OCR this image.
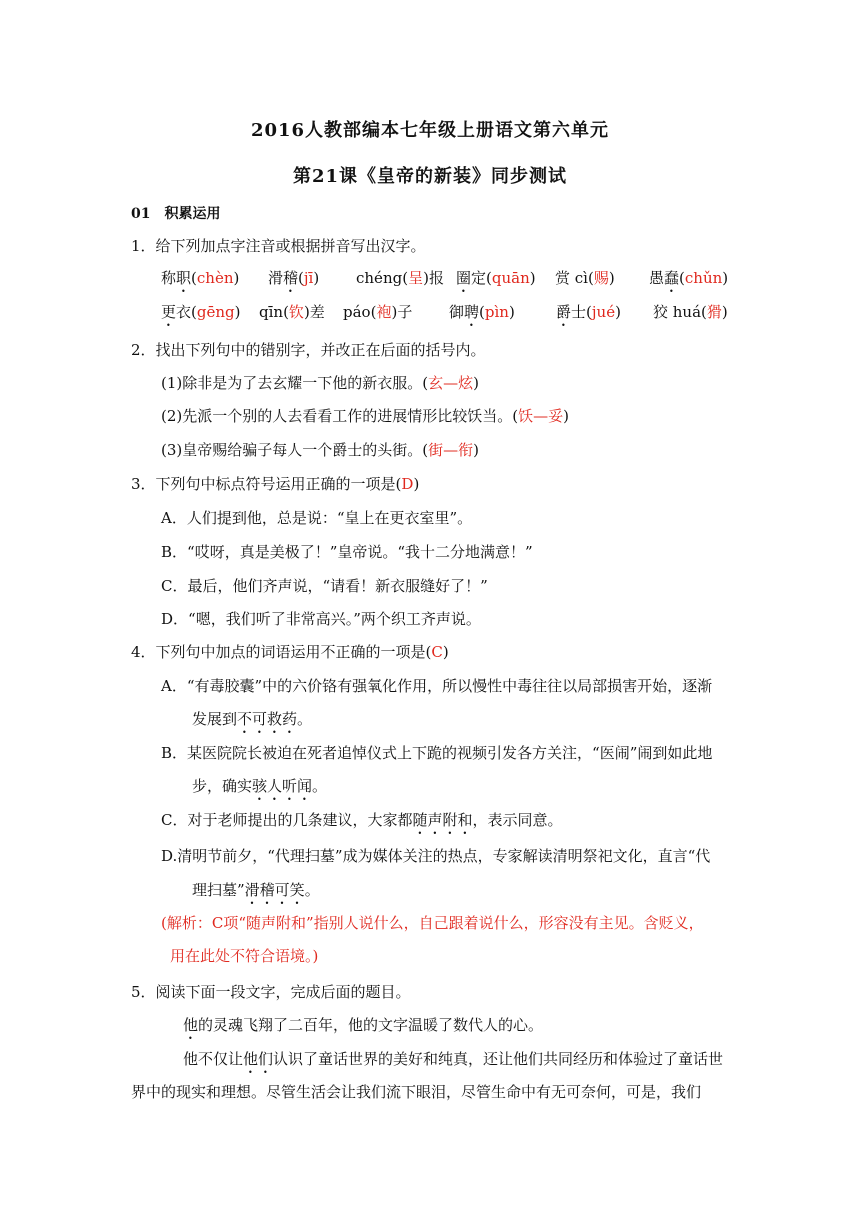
2016人教部编本七年级上册语文第六单元
第21课《皇帝的新装》同步测试
01 积累运用
1．给下列加点字注音或根据拼音写出汉字。
称职(chèn) 滑稽(jī) chéng(呈)报 圈定(quān) 赏 cì(赐) 愚蠢(chǔn)
更衣(gēng) qīn(钦)差 páo(袍)子 御聘(pìn)	爵士(jué) 狡 huá(猾)
2．找出下列句中的错别字，并改正在后面的括号内。
(1)除非是为了去玄耀一下他的新衣服。(玄—炫)
(2)先派一个别的人去看看工作的进展情形比较饫当。(饫—妥)
(3)皇帝赐给骗子每人一个爵士的头街。(街—衔)
3．下列句中标点符号运用正确的一项是(D)
A．人们提到他，总是说：“皇上在更衣室里”。
B．“哎呀，真是美极了！”皇帝说。“我十二分地满意！”
C．最后，他们齐声说，“请看！新衣服缝好了！”
D．“嗯，我们听了非常高兴。”两个织工齐声说。
4．下列句中加点的词语运用不正确的一项是(C)
A．“有毒胶囊”中的六价铬有强氧化作用，所以慢性中毒往往以局部损害开始，逐渐
发展到不可救药。
B．某医院院长被迫在死者追悼仪式上下跪的视频引发各方关注，“医闹”闹到如此地
步，确实骇人听闻。
C．对于老师提出的几条建议，大家都随声附和，表示同意。
D.清明节前夕，“代理扫墓”成为媒体关注的热点，专家解读清明祭祀文化，直言“代
理扫墓”滑稽可笑。
(解析：C项“随声附和”指别人说什么，自己跟着说什么，形容没有主见。含贬义，
用在此处不符合语境。)
5．阅读下面一段文字，完成后面的题目。
他的灵魂飞翔了二百年，他的文字温暖了数代人的心。
他不仅让他们认识了童话世界的美好和纯真，还让他们共同经历和体验过了童话世
界中的现实和理想。尽管生活会让我们流下眼泪，尽管生命中有无可奈何，可是，我们
